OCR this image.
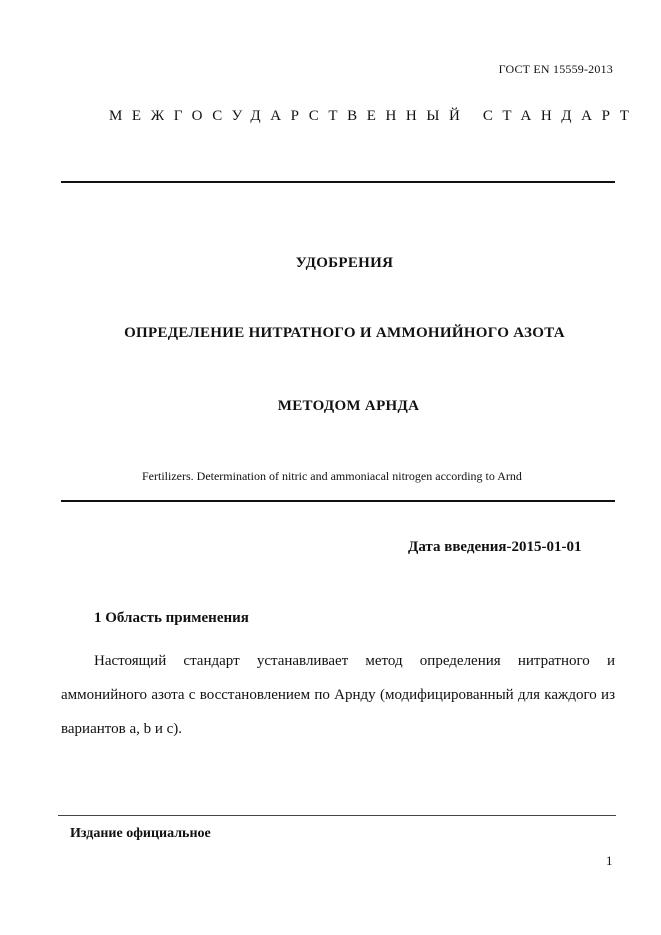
ГОСТ EN 15559-2013
МЕЖГОСУДАРСТВЕННЫЙ СТАНДАРТ
УДОБРЕНИЯ
ОПРЕДЕЛЕНИЕ НИТРАТНОГО И АММОНИЙНОГО АЗОТА
МЕТОДОМ АРНДА
Fertilizers. Determination of nitric and ammoniacal nitrogen according to Arnd
Дата введения-2015-01-01
1 Область применения
Настоящий стандарт устанавливает метод определения нитратного и аммонийного азота с восстановлением по Арнду (модифицированный для каждого из вариантов a, b и c).
Издание официальное
1
